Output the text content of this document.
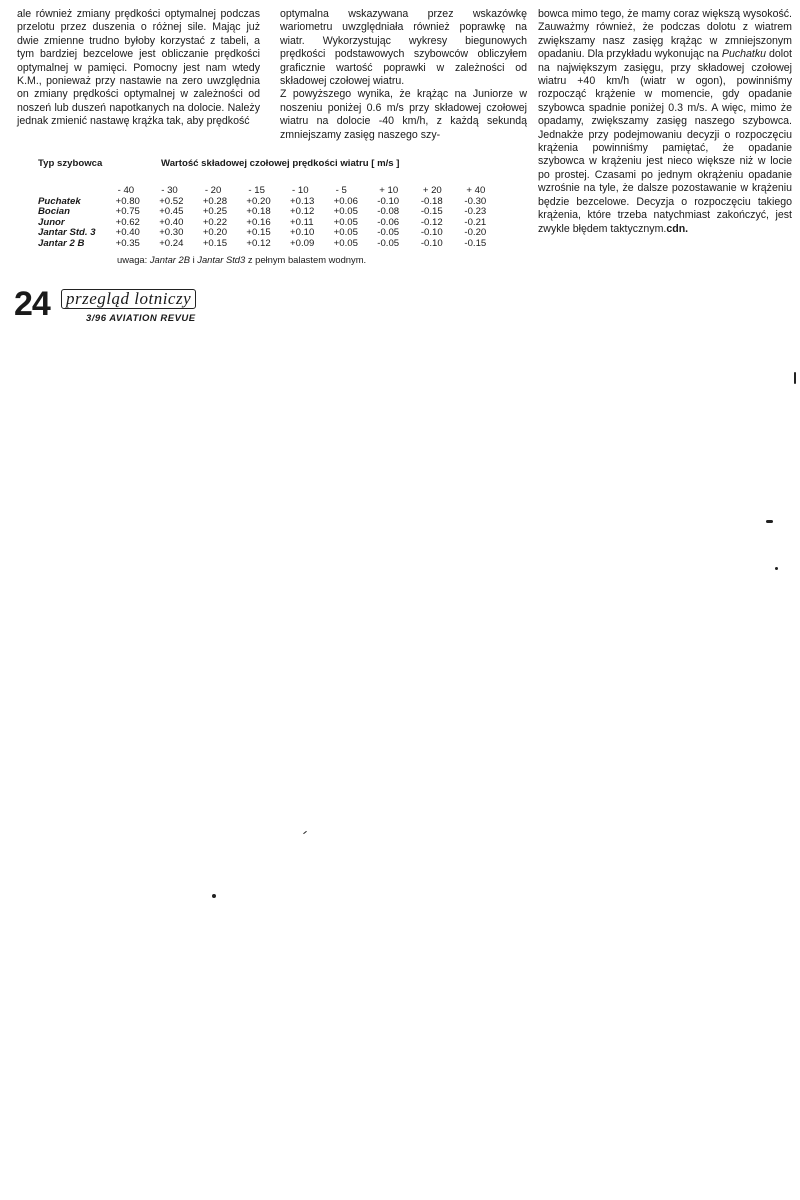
ale również zmiany prędkości optymalnej podczas przelotu przez duszenia o różnej sile. Mając już dwie zmienne trudno byłoby korzystać z tabeli, a tym bardziej bezcelowe jest obliczanie prędkości optymalnej w pamięci. Pomocny jest nam wtedy K.M., ponieważ przy nastawie na zero uwzględnia on zmiany prędkości optymalnej w zależności od noszeń lub duszeń napotkanych na dolocie. Należy jednak zmienić nastawę krążka tak, aby prędkość

optymalna wskazywana przez wskazówkę wariometru uwzględniała również poprawkę na wiatr. Wykorzystując wykresy biegunowych prędkości podstawowych szybowców obliczyłem graficznie wartość poprawki w zależności od składowej czołowej wiatru.

Z powyższego wynika, że krążąc na Juniorze w noszeniu poniżej 0.6 m/s przy składowej czołowej wiatru na dolocie -40 km/h, z każdą sekundą zmniejszamy zasięg naszego szy-

bowca mimo tego, że mamy coraz większą wysokość. Zauważmy również, że podczas dolotu z wiatrem zwiększamy nasz zasięg krążąc w zmniejszonym opadaniu. Dla przykładu wykonując na Puchatku dolot na największym zasięgu, przy składowej czołowej wiatru +40 km/h (wiatr w ogon), powinniśmy rozpocząć krążenie w momencie, gdy opadanie szybowca spadnie poniżej 0.3 m/s. A więc, mimo że opadamy, zwiększamy zasięg naszego szybowca. Jednakże przy podejmowaniu decyzji o rozpoczęciu krążenia powinniśmy pamiętać, że opadanie szybowca w krążeniu jest nieco większe niż w locie po prostej. Czasami po jednym okrążeniu opadanie wzrośnie na tyle, że dalsze pozostawanie w krążeniu będzie bezcelowe. Decyzja o rozpoczęciu takiego krążenia, które trzeba natychmiast zakończyć, jest zwykle błędem taktycznym.cdn.

Typ szybowca	Wartość składowej czołowej prędkości wiatru [ m/s ]
	- 40	- 30	- 20	- 15	- 10	- 5	+ 10	+ 20	+ 40
Puchatek	+0.80	+0.52	+0.28	+0.20	+0.13	+0.06	-0.10	-0.18	-0.30
Bocian	+0.75	+0.45	+0.25	+0.18	+0.12	+0.05	-0.08	-0.15	-0.23
Junor	+0.62	+0.40	+0.22	+0.16	+0.11	+0.05	-0.06	-0.12	-0.21
Jantar Std. 3	+0.40	+0.30	+0.20	+0.15	+0.10	+0.05	-0.05	-0.10	-0.20
Jantar 2 B	+0.35	+0.24	+0.15	+0.12	+0.09	+0.05	-0.05	-0.10	-0.15
uwaga: Jantar 2B i Jantar Std3 z pełnym balastem wodnym.
24 przegląd lotniczy
3/96 AVIATION REVUE
